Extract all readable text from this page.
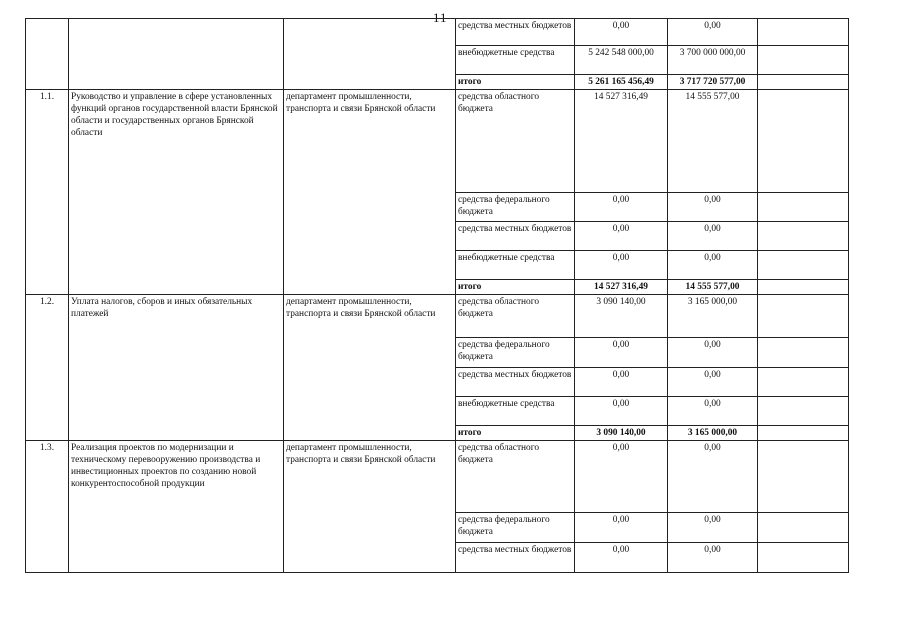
11
			средства местных бюджетов	0,00	0,00	
			внебюджетные средства	5 242 548 000,00	3 700 000 000,00	
			итого	5 261 165 456,49	3 717 720 577,00	
1.1.	Руководство и управление в сфере установленных функций органов государственной власти Брянской области и государственных органов Брянской области	департамент промышленности, транспорта и связи Брянской области	средства областного бюджета	14 527 316,49	14 555 577,00	
			средства федерального бюджета	0,00	0,00	
			средства местных бюджетов	0,00	0,00	
			внебюджетные средства	0,00	0,00	
			итого	14 527 316,49	14 555 577,00	
1.2.	Уплата налогов, сборов и иных обязательных платежей	департамент промышленности, транспорта и связи Брянской области	средства областного бюджета	3 090 140,00	3 165 000,00	
			средства федерального бюджета	0,00	0,00	
			средства местных бюджетов	0,00	0,00	
			внебюджетные средства	0,00	0,00	
			итого	3 090 140,00	3 165 000,00	
1.3.	Реализация проектов по модернизации и техническому перевооружению производства и инвестиционных проектов по созданию новой конкурентоспособной продукции	департамент промышленности, транспорта и связи Брянской области	средства областного бюджета	0,00	0,00	
			средства федерального бюджета	0,00	0,00	
			средства местных бюджетов	0,00	0,00	
